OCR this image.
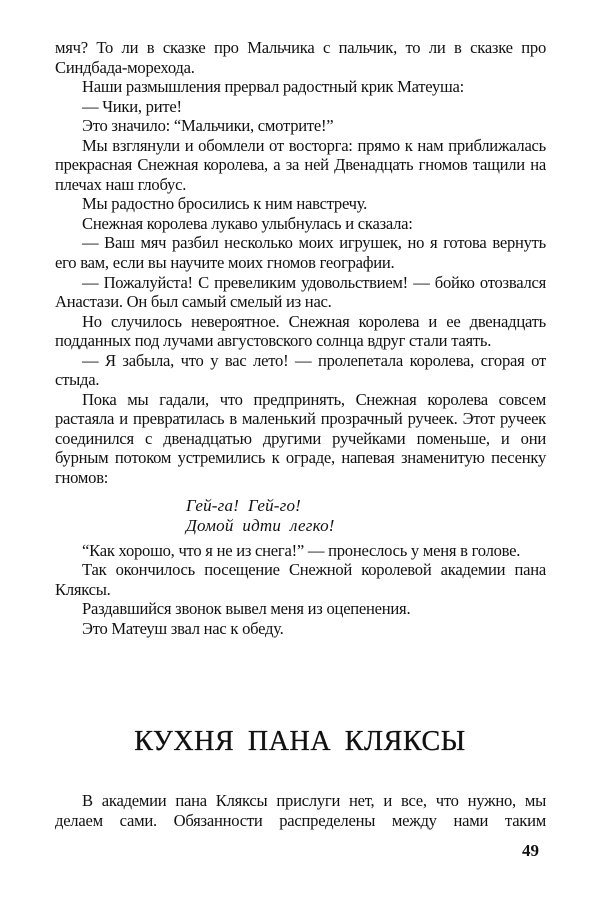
мяч? То ли в сказке про Мальчика с пальчик, то ли в сказке про Синдбада-морехода.

Наши размышления прервал радостный крик Матеуша:

— Чики, рите!

Это значило: “Мальчики, смотрите!”

Мы взглянули и обомлели от восторга: прямо к нам приближалась прекрасная Снежная королева, а за ней Двенадцать гномов тащили на плечах наш глобус.

Мы радостно бросились к ним навстречу.

Снежная королева лукаво улыбнулась и сказала:

— Ваш мяч разбил несколько моих игрушек, но я готова вернуть его вам, если вы научите моих гномов географии.

— Пожалуйста! С превеликим удовольствием! — бойко отозвался Анастази. Он был самый смелый из нас.

Но случилось невероятное. Снежная королева и ее двенадцать подданных под лучами августовского солнца вдруг стали таять.

— Я забыла, что у вас лето! — пролепетала королева, сгорая от стыда.

Пока мы гадали, что предпринять, Снежная королева совсем растаяла и превратилась в маленький прозрачный ручеек. Этот ручеек соединился с двенадцатью другими ручейками поменьше, и они бурным потоком устремились к ограде, напевая знаменитую песенку гномов:

Гей-га!  Гей-го!
Домой  идти  легко!

“Как хорошо, что я не из снега!” — пронеслось у меня в голове.

Так окончилось посещение Снежной королевой академии пана Кляксы.

Раздавшийся звонок вывел меня из оцепенения.

Это Матеуш звал нас к обеду.

КУХНЯ ПАНА КЛЯКСЫ

В академии пана Кляксы прислуги нет, и все, что нужно, мы делаем сами. Обязанности распределены между нами таким

49
